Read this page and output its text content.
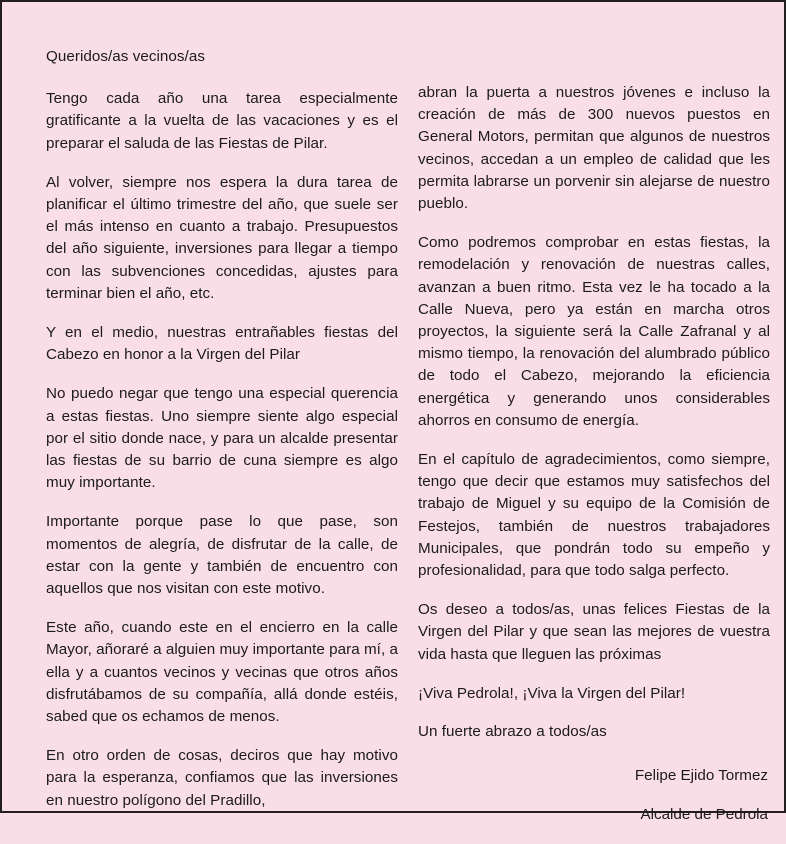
Queridos/as vecinos/as

Tengo cada año una tarea especialmente gratificante a la vuelta de las vacaciones y es el preparar el saluda de las Fiestas de Pilar.

Al volver, siempre nos espera la dura tarea de planificar el último trimestre del año, que suele ser el más intenso en cuanto a trabajo. Presupuestos del año siguiente, inversiones para llegar a tiempo con las subvenciones concedidas, ajustes para terminar bien el año, etc.

Y en el medio, nuestras entrañables fiestas del Cabezo en honor a la Virgen del Pilar

No puedo negar que tengo una especial querencia a estas fiestas. Uno siempre siente algo especial por el sitio donde nace, y para un alcalde presentar las fiestas de su barrio de cuna siempre es algo muy importante.

Importante porque pase lo que pase, son momentos de alegría, de disfrutar de la calle, de estar con la gente y también de encuentro con aquellos que nos visitan con este motivo.

Este año, cuando este en el encierro en la calle Mayor, añoraré a alguien muy importante para mí, a ella y a cuantos vecinos y vecinas que otros años disfrutábamos de su compañía, allá donde estéis, sabed que os echamos de menos.

En otro orden de cosas, deciros que hay motivo para la esperanza, confiamos que las inversiones en nuestro polígono del Pradillo,

abran la puerta a nuestros jóvenes e incluso la creación de más de 300 nuevos puestos en General Motors, permitan que algunos de nuestros vecinos, accedan a un empleo de calidad que les permita labrarse un porvenir sin alejarse de nuestro pueblo.

Como podremos comprobar en estas fiestas, la remodelación y renovación de nuestras calles, avanzan a buen ritmo. Esta vez le ha tocado a la Calle Nueva, pero ya están en marcha otros proyectos, la siguiente será la Calle Zafranal y al mismo tiempo, la renovación del alumbrado público de todo el Cabezo, mejorando la eficiencia energética y generando unos considerables ahorros en consumo de energía.

En el capítulo de agradecimientos, como siempre, tengo que decir que estamos muy satisfechos del trabajo de Miguel y su equipo de la Comisión de Festejos, también de nuestros trabajadores Municipales, que pondrán todo su empeño y profesionalidad, para que todo salga perfecto.

Os deseo a todos/as, unas felices Fiestas de la Virgen del Pilar y que sean las mejores de vuestra vida hasta que lleguen las próximas

¡Viva Pedrola!, ¡Viva la Virgen del Pilar!

Un fuerte abrazo a todos/as

Felipe Ejido Tormez

Alcalde de Pedrola
